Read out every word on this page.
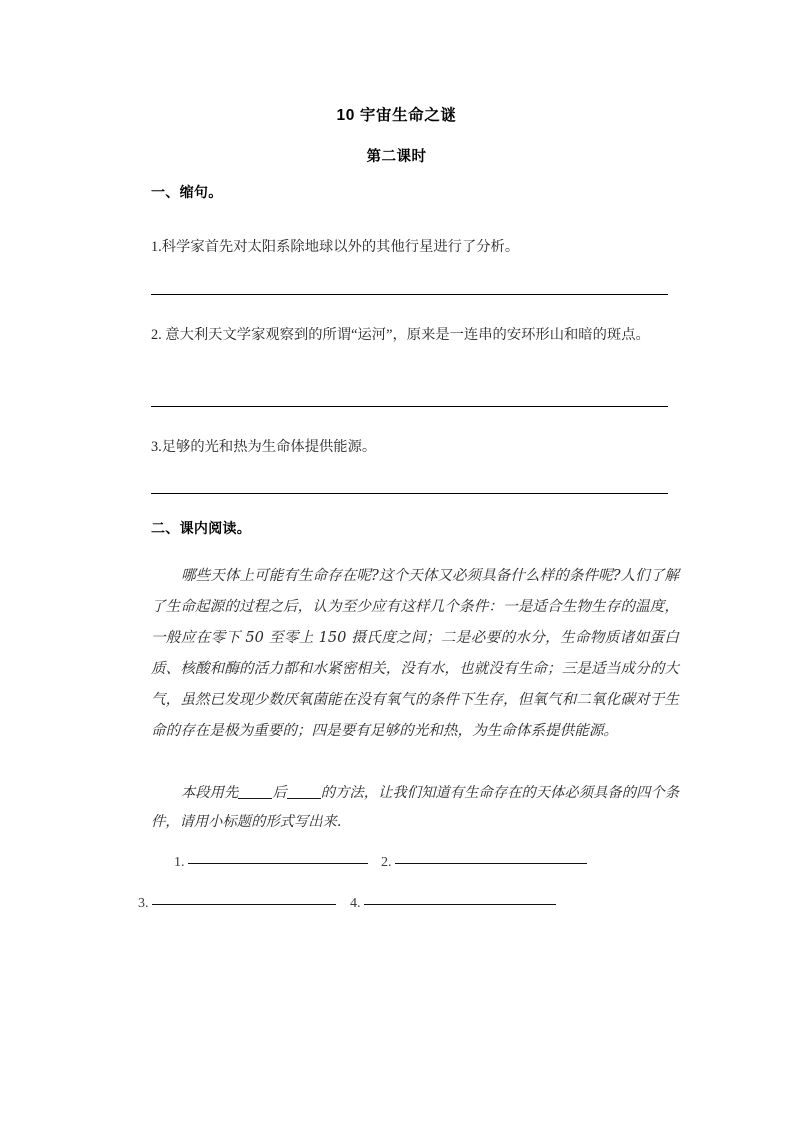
10 宇宙生命之谜
第二课时
一、缩句。
1.科学家首先对太阳系除地球以外的其他行星进行了分析。
2. 意大利天文学家观察到的所谓“运河”，原来是一连串的安环形山和暗的斑点。
3.足够的光和热为生命体提供能源。
二、课内阅读。
哪些天体上可能有生命存在呢?这个天体又必须具备什么样的条件呢?人们了解了生命起源的过程之后，认为至少应有这样几个条件：一是适合生物生存的温度，一般应在零下 50 至零上 150 摄氏度之间；二是必要的水分，生命物质诸如蛋白质、核酸和酶的活力都和水紧密相关，没有水，也就没有生命；三是适当成分的大气，虽然已发现少数厌氧菌能在没有氧气的条件下生存，但氧气和二氧化碳对于生命的存在是极为重要的；四是要有足够的光和热，为生命体系提供能源。
本段用先 后 的方法，让我们知道有生命存在的天体必须具备的四个条件，请用小标题的形式写出来.
1.	2.
3.	4.
